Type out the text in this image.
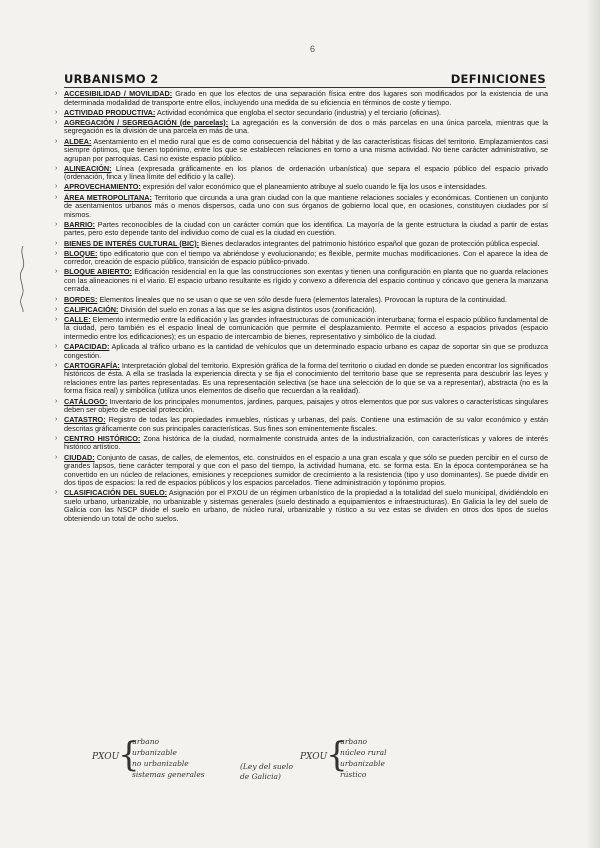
6
URBANISMO 2	DEFINICIONES
› ACCESIBILIDAD / MOVILIDAD: Grado en que los efectos de una separación física entre dos lugares son modificados por la existencia de una determinada modalidad de transporte entre ellos, incluyendo una medida de su eficiencia en términos de coste y tiempo.
› ACTIVIDAD PRODUCTIVA: Actividad económica que engloba el sector secundario (industria) y el terciario (oficinas).
› AGREGACIÓN / SEGREGACIÓN (de parcelas): La agregación es la conversión de dos o más parcelas en una única parcela, mientras que la segregación es la división de una parcela en más de una.
› ALDEA: Asentamiento en el medio rural que es de como consecuencia del hábitat y de las características físicas del territorio. Emplazamientos casi siempre óptimos, que tienen topónimo, entre los que se establecen relaciones en torno a una misma actividad. No tiene carácter administrativo, se agrupan por parroquias. Casi no existe espacio público.
› ALINEACIÓN: Línea (expresada gráficamente en los planos de ordenación urbanística) que separa el espacio público del espacio privado (ordenación, finca y línea límite del edificio y la calle).
› APROVECHAMIENTO: expresión del valor económico que el planeamiento atribuye al suelo cuando le fija los usos e intensidades.
› ÁREA METROPOLITANA: Territorio que circunda a una gran ciudad con la que mantiene relaciones sociales y económicas. Contienen un conjunto de asentamientos urbanos más o menos dispersos, cada uno con sus órganos de gobierno local que, en ocasiones, constituyen ciudades por sí mismos.
› BARRIO: Partes reconocibles de la ciudad con un carácter común que los identifica. La mayoría de la gente estructura la ciudad a partir de estas partes, pero esto depende tanto del individuo como de cual es la ciudad en cuestión.
› BIENES DE INTERÉS CULTURAL (BIC): Bienes declarados integrantes del patrimonio histórico español que gozan de protección pública especial.
› BLOQUE: tipo edificatorio que con el tiempo va abriéndose y evolucionando; es flexible, permite muchas modificaciones. Con el aparece la idea de corredor, creación de espacio público, transición de espacio público-privado.
› BLOQUE ABIERTO: Edificación residencial en la que las construcciones son exentas y tienen una configuración en planta que no guarda relaciones con las alineaciones ni el viario. El espacio urbano resultante es rígido y convexo a diferencia del espacio continuo y cóncavo que genera la manzana cerrada.
› BORDES: Elementos lineales que no se usan o que se ven sólo desde fuera (elementos laterales). Provocan la ruptura de la continuidad.
› CALIFICACIÓN: División del suelo en zonas a las que se les asigna distintos usos (zonificación).
› CALLE: Elemento intermedio entre la edificación y las grandes infraestructuras de comunicación interurbana; forma el espacio público fundamental de la ciudad, pero también es el espacio lineal de comunicación que permite el desplazamiento. Permite el acceso a espacios privados (espacio intermedio entre los edificaciones); es un espacio de intercambio de bienes, representativo y simbólico de la ciudad.
› CAPACIDAD: Aplicada al tráfico urbano es la cantidad de vehículos que un determinado espacio urbano es capaz de soportar sin que se produzca congestión.
› CARTOGRAFÍA: Interpretación global del territorio. Expresión gráfica de la forma del territorio o ciudad en donde se pueden encontrar los significados históricos de ésta. A ella se traslada la experiencia directa y se fija el conocimiento del territorio base que se representa para descubrir las leyes y relaciones entre las partes representadas. Es una representación selectiva (se hace una selección de lo que se va a representar), abstracta (no es la forma física real) y simbólica (utiliza unos elementos de diseño que recuerdan a la realidad).
› CATÁLOGO: Inventario de los principales monumentos, jardines, parques, paisajes y otros elementos que por sus valores o características singulares deben ser objeto de especial protección.
› CATASTRO: Registro de todas las propiedades inmuebles, rústicas y urbanas, del país. Contiene una estimación de su valor económico y están descritas gráficamente con sus principales características. Sus fines son eminentemente fiscales.
› CENTRO HISTÓRICO: Zona histórica de la ciudad, normalmente construida antes de la industrialización, con características y valores de interés histórico artístico.
› CIUDAD: Conjunto de casas, de calles, de elementos, etc. construidos en el espacio a una gran escala y que sólo se pueden percibir en el curso de grandes lapsos, tiene carácter temporal y que con el paso del tiempo, la actividad humana, etc. se forma esta. En la época contemporánea se ha convertido en un núcleo de relaciones, emisiones y recepciones sumidor de crecimiento a la resistencia (tipo y uso dominantes). Se puede dividir en dos tipos de espacios: la red de espacios públicos y los espacios parcelados. Tiene administración y topónimo propios.
› CLASIFICACIÓN DEL SUELO: Asignación por el PXOU de un régimen urbanístico de la propiedad a la totalidad del suelo municipal, dividiéndolo en suelo urbano, urbanizable, no urbanizable y sistemas generales (suelo destinado a equipamientos e infraestructuras). En Galicia la ley del suelo de Galicia con las NSCP divide el suelo en urbano, de núcleo rural, urbanizable y rústico a su vez estas se dividen en otros dos tipos de suelos obteniendo un total de ocho suelos.
PXOU
{
urbano
urbanizable
no urbanizable
sistemas generales
PXOU
{
urbano
núcleo rural
urbanizable
rústico
(Ley del suelo
de Galicia)
